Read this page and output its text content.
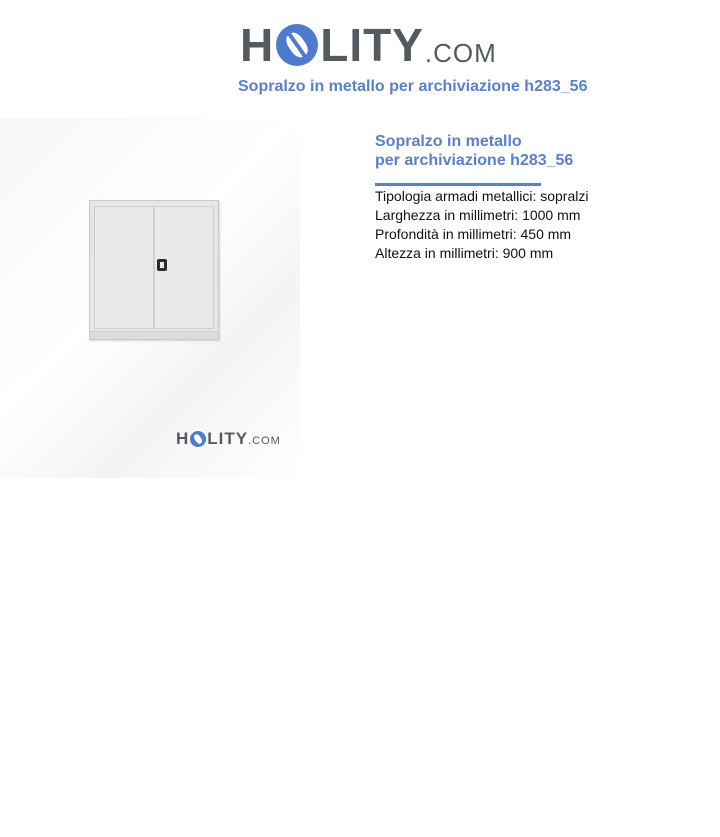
H LITY .COM
Sopralzo in metallo per archiviazione h283_56
H LITY .COM
Sopralzo in metallo
per archiviazione h283_56
Tipologia armadi metallici: sopralzi
Larghezza in millimetri: 1000 mm
Profondità in millimetri: 450 mm
Altezza in millimetri: 900 mm
